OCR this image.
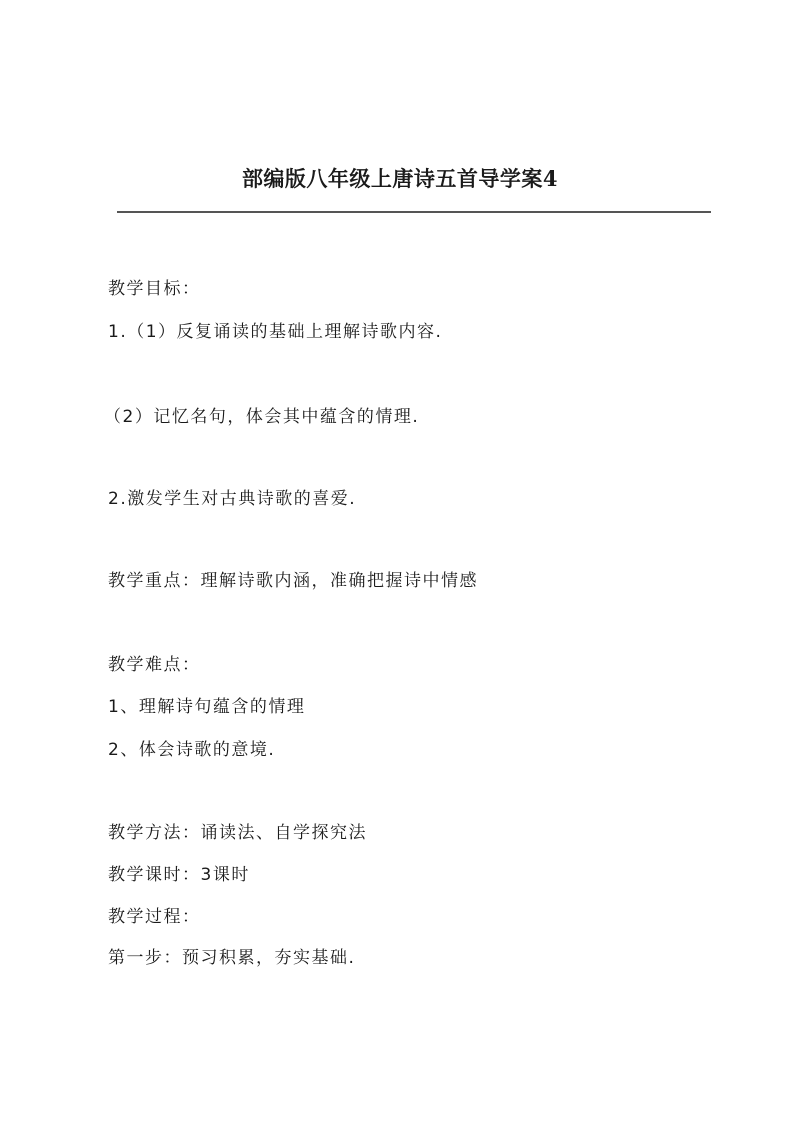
部编版八年级上唐诗五首导学案4
教学目标：
1.（1）反复诵读的基础上理解诗歌内容.
（2）记忆名句，体会其中蕴含的情理.
2.激发学生对古典诗歌的喜爱.
教学重点：理解诗歌内涵，准确把握诗中情感
教学难点：
1、理解诗句蕴含的情理
2、体会诗歌的意境.
教学方法：诵读法、自学探究法
教学课时：3课时
教学过程：
第一步：预习积累，夯实基础.
